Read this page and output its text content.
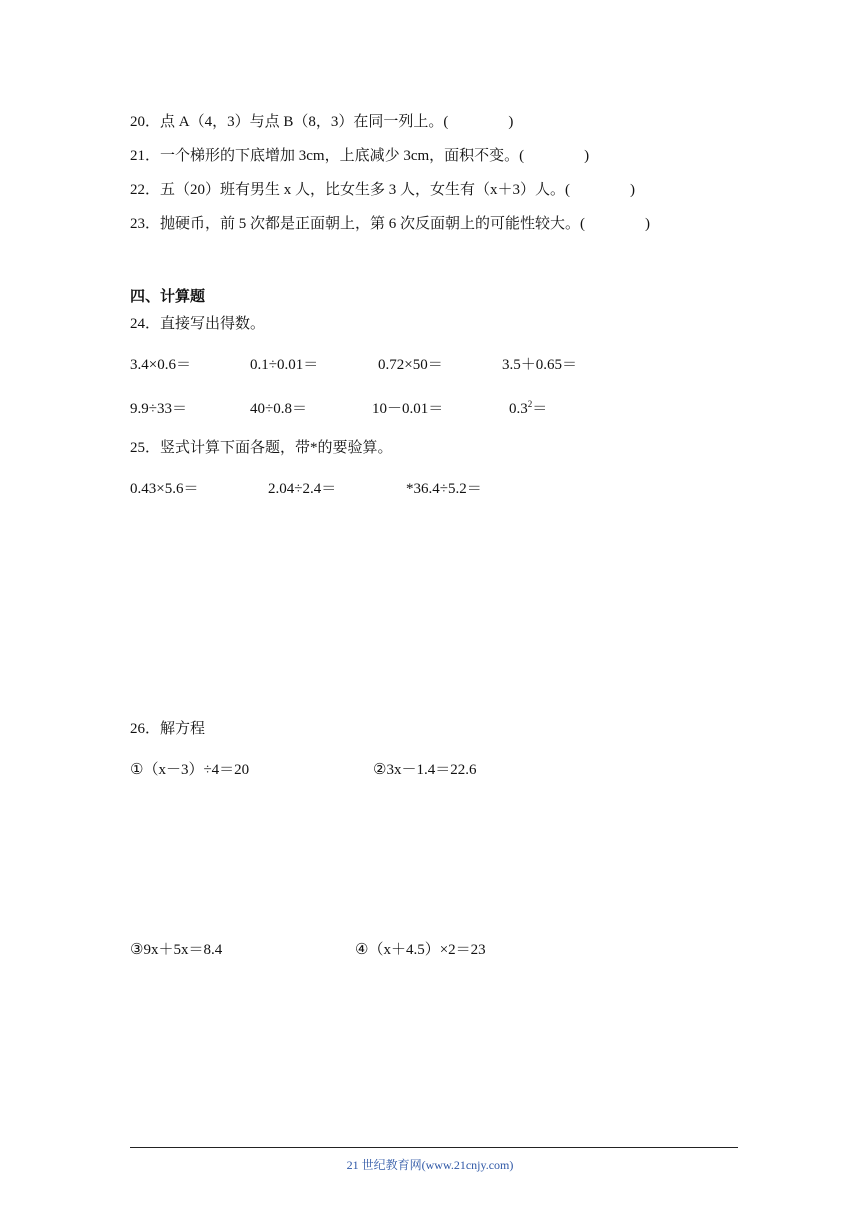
20．点 A（4，3）与点 B（8，3）在同一列上。(　　　　)
21．一个梯形的下底增加 3cm，上底减少 3cm，面积不变。(　　　　)
22．五（20）班有男生 x 人，比女生多 3 人，女生有（x＋3）人。(　　　　)
23．抛硬币，前 5 次都是正面朝上，第 6 次反面朝上的可能性较大。(　　　　)
四、计算题
24．直接写出得数。
3.4×0.6＝	0.1÷0.01＝	0.72×50＝	3.5＋0.65＝
9.9÷33＝	40÷0.8＝	10－0.01＝	$0.3^2=$
25．竖式计算下面各题，带*的要验算。
0.43×5.6＝	2.04÷2.4＝	*36.4÷5.2＝
26．解方程
①（x－3）÷4＝20	②3x－1.4＝22.6
③9x＋5x＝8.4	④（x＋4.5）×2＝23
21 世纪教育网(www.21cnjy.com)
